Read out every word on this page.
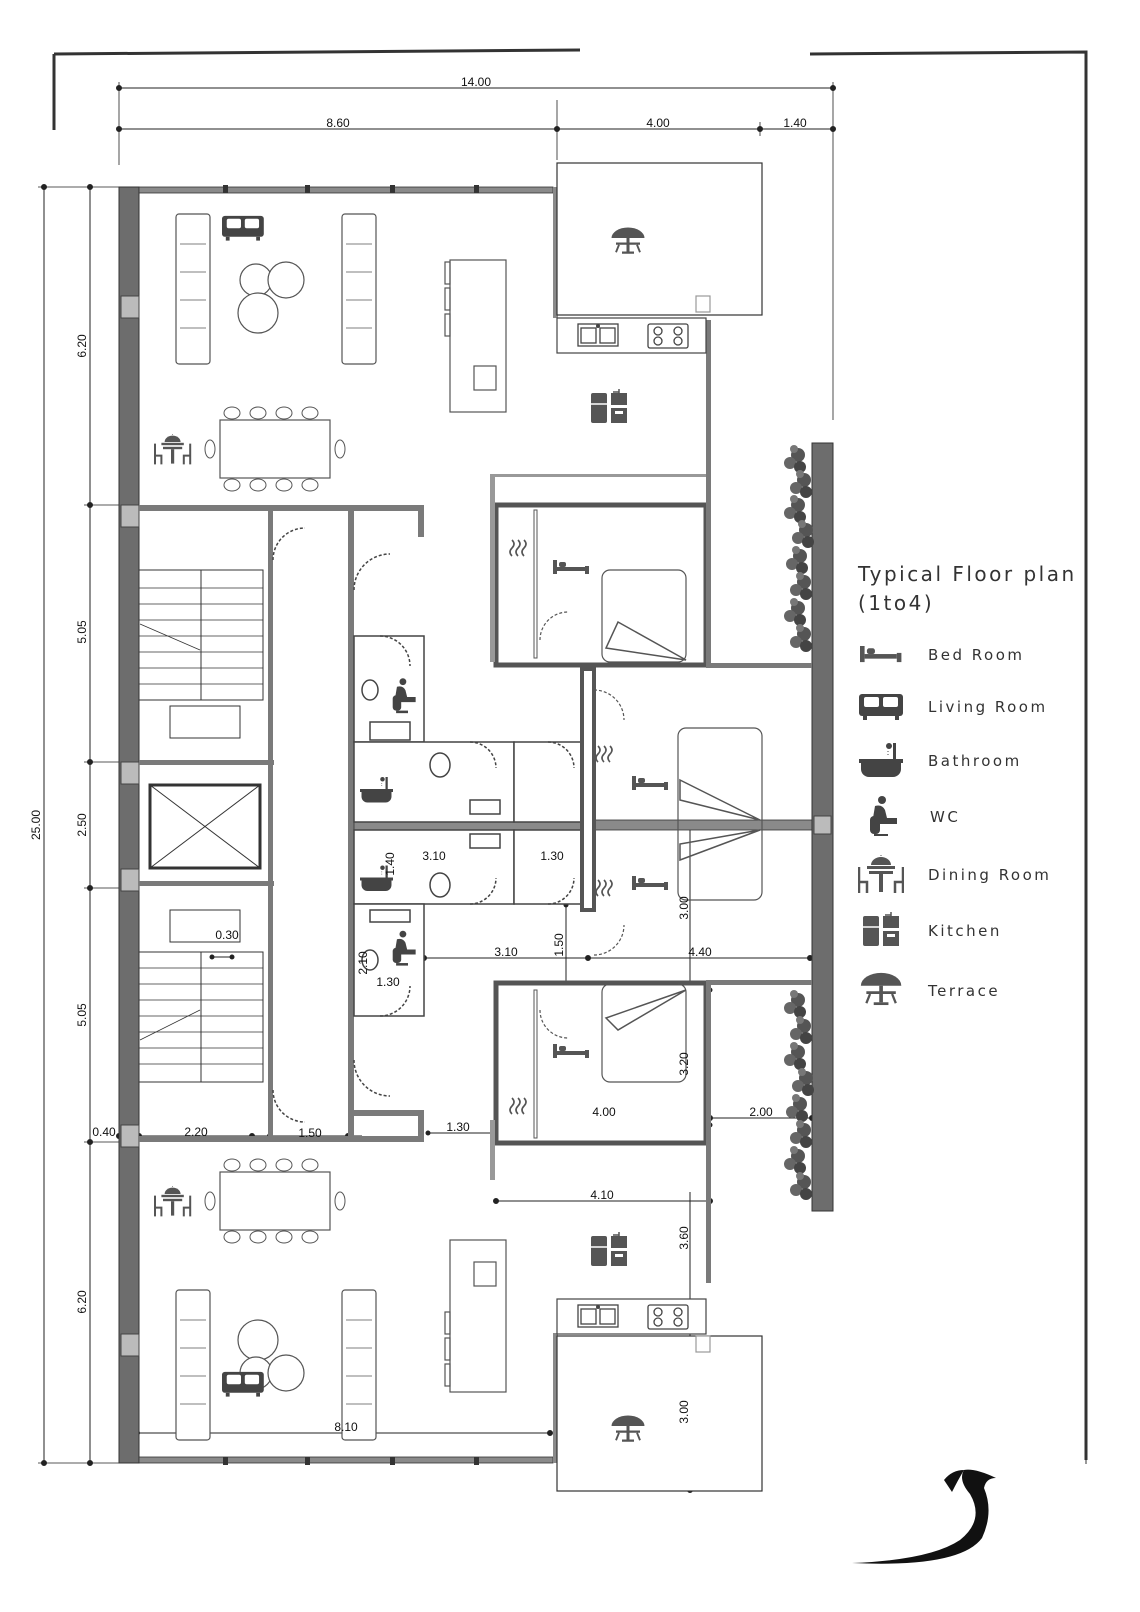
14.00
8.60	4.00	1.40
25.00
6.20
5.05
2.50
5.05
6.20
0.40	2.20	1.50
0.30
1.30
2.10
1.40 3.10	1.30
3.10	1.50	4.40
3.00
3.20
4.00	2.00
1.30
4.10
3.60
8.10
3.00
Typical Floor plan
(1to4)
Bed Room
Living Room
Bathroom
WC
Dining Room
Kitchen
Terrace
